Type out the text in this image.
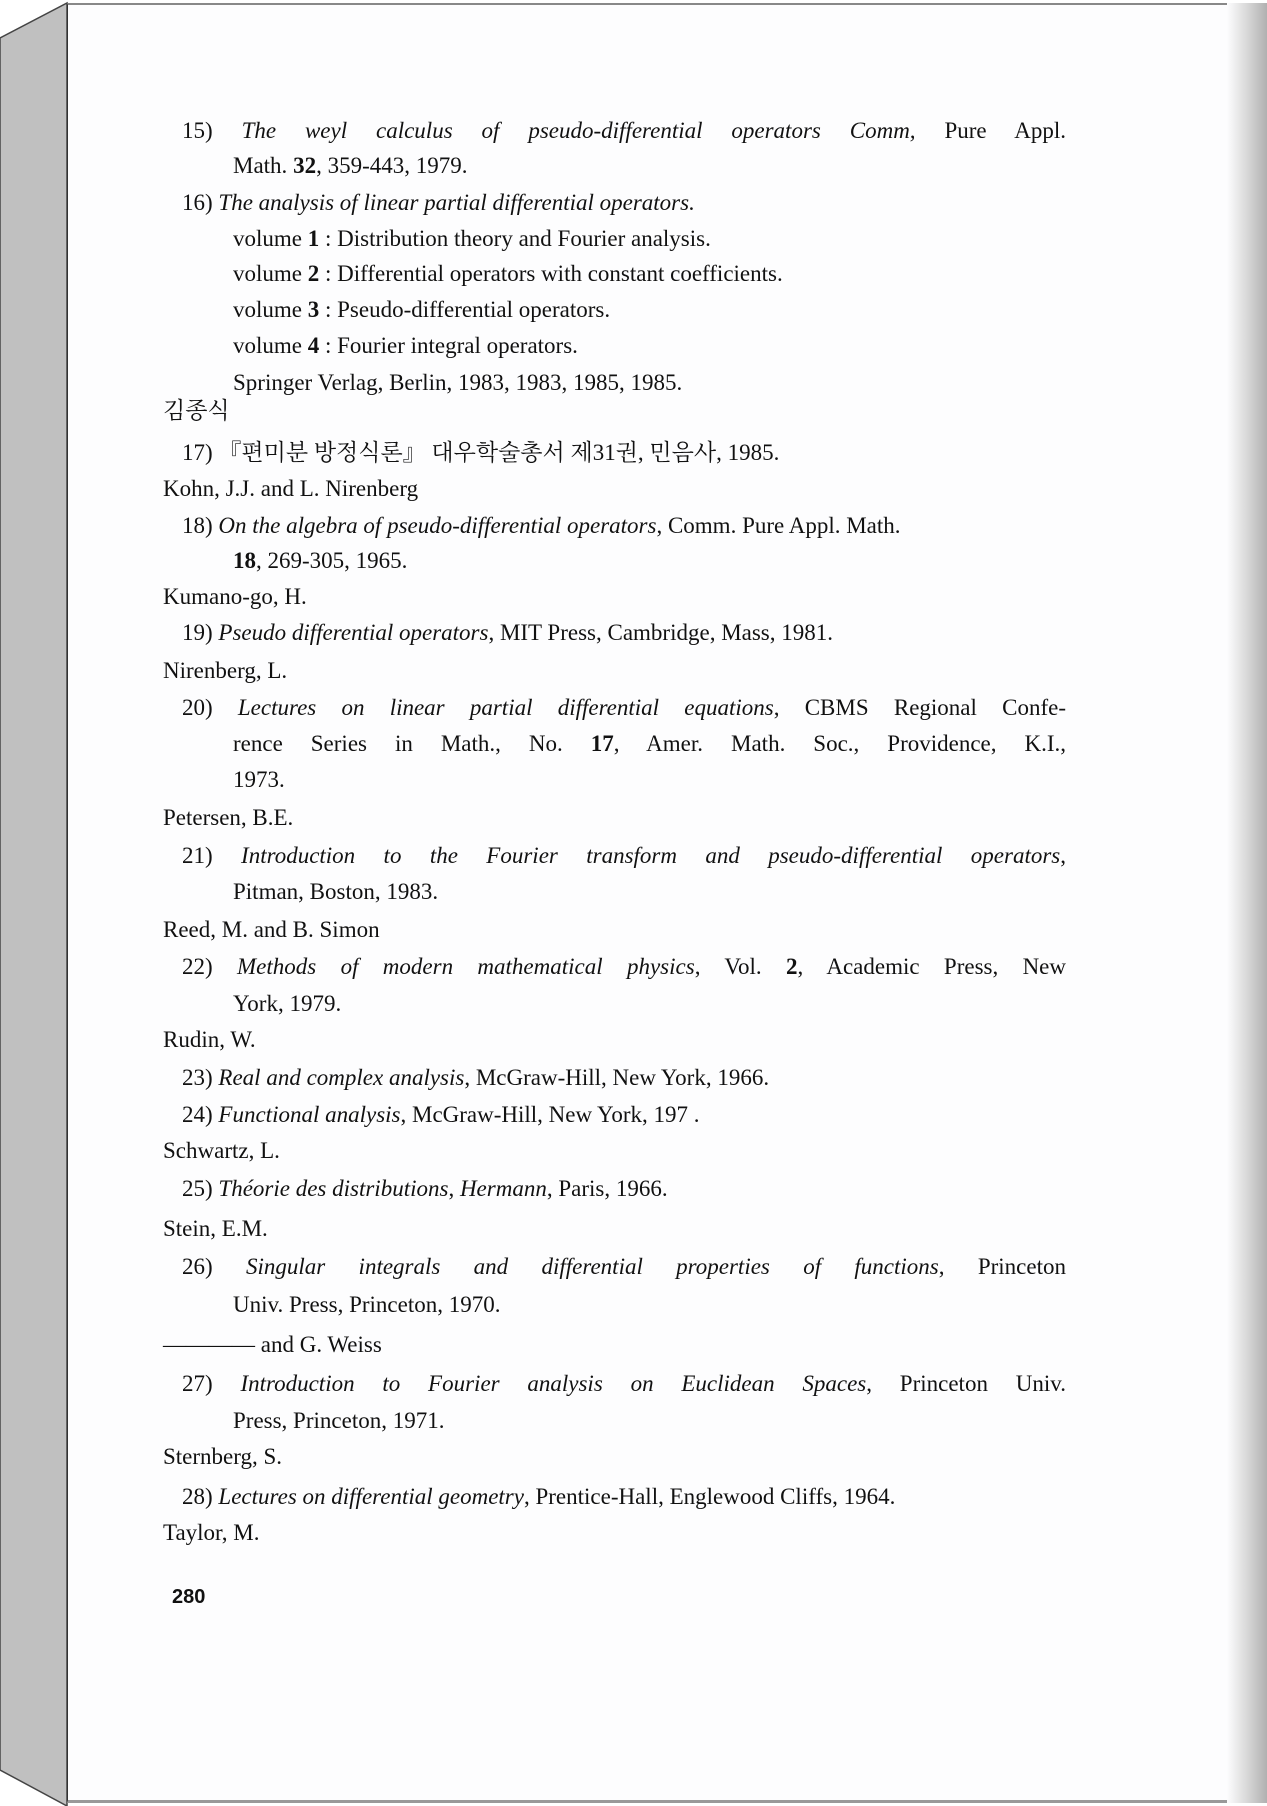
15) The weyl calculus of pseudo-differential operators Comm, Pure Appl.
Math. 32, 359-443, 1979.
16) The analysis of linear partial differential operators.
volume 1 : Distribution theory and Fourier analysis.
volume 2 : Differential operators with constant coefficients.
volume 3 : Pseudo-differential operators.
volume 4 : Fourier integral operators.
Springer Verlag, Berlin, 1983, 1983, 1985, 1985.
김종식
17) 『편미분 방정식론』 대우학술총서 제31권, 민음사, 1985.
Kohn, J.J. and L. Nirenberg
18) On the algebra of pseudo-differential operators, Comm. Pure Appl. Math.
18, 269-305, 1965.
Kumano-go, H.
19) Pseudo differential operators, MIT Press, Cambridge, Mass, 1981.
Nirenberg, L.
20) Lectures on linear partial differential equations, CBMS Regional Confe-
rence Series in Math., No. 17, Amer. Math. Soc., Providence, K.I.,
1973.
Petersen, B.E.
21) Introduction to the Fourier transform and pseudo-differential operators,
Pitman, Boston, 1983.
Reed, M. and B. Simon
22) Methods of modern mathematical physics, Vol. 2, Academic Press, New
York, 1979.
Rudin, W.
23) Real and complex analysis, McGraw-Hill, New York, 1966.
24) Functional analysis, McGraw-Hill, New York, 197 .
Schwartz, L.
25) Théorie des distributions, Hermann, Paris, 1966.
Stein, E.M.
26) Singular integrals and differential properties of functions, Princeton
Univ. Press, Princeton, 1970.
———— and G. Weiss
27) Introduction to Fourier analysis on Euclidean Spaces, Princeton Univ.
Press, Princeton, 1971.
Sternberg, S.
28) Lectures on differential geometry, Prentice-Hall, Englewood Cliffs, 1964.
Taylor, M.
280
